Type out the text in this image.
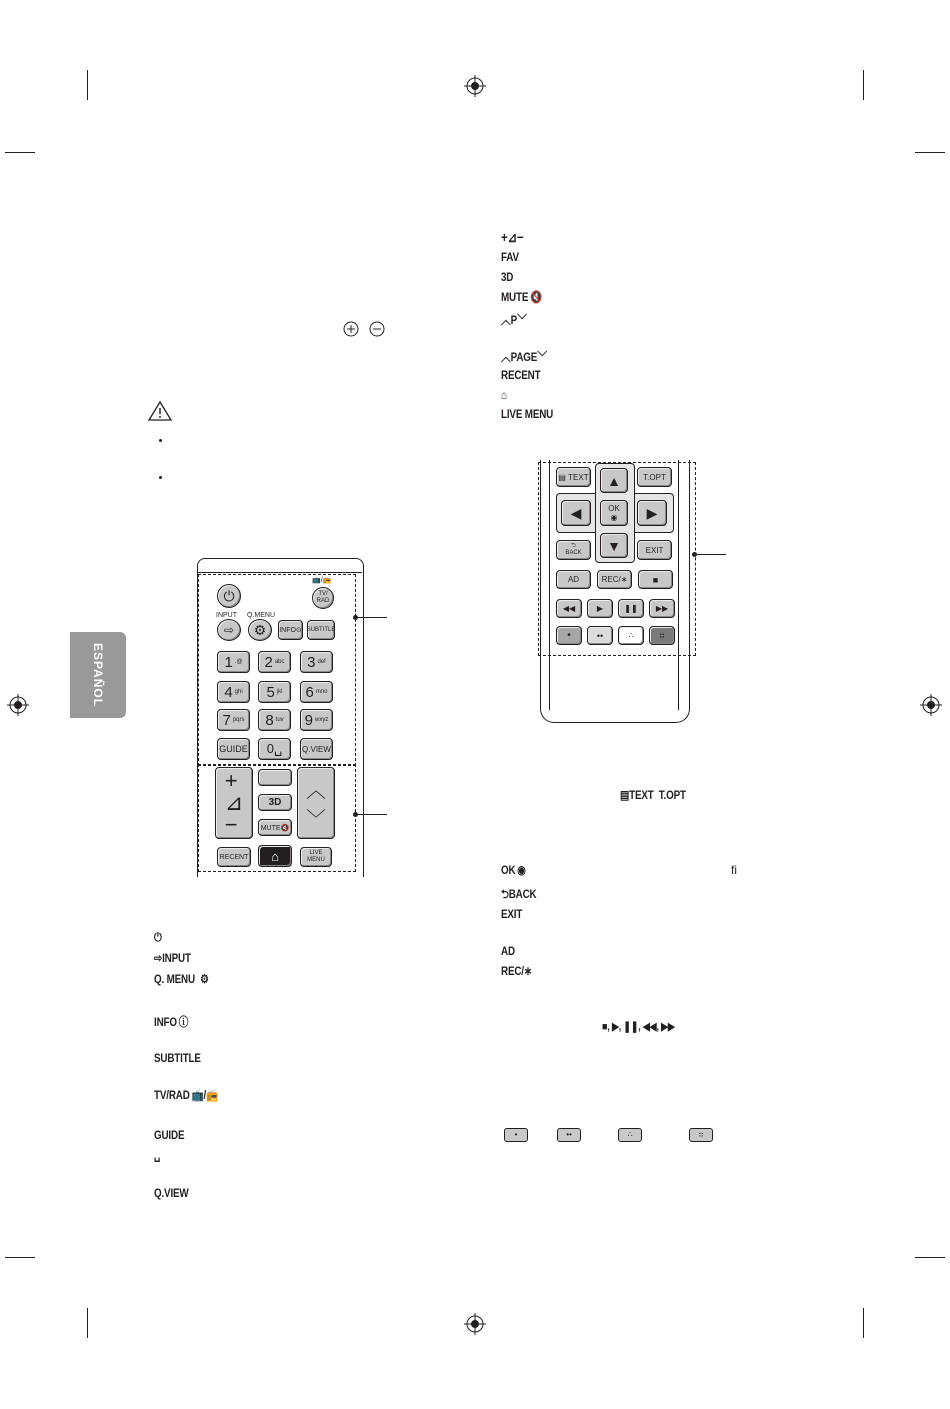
ESPAÑOL
⏻
📺/📻
TV/ RAD
INPUT Q.MENU
⇨	⚙	INFO⊙ SUBTITLE
1 .@ 2 abc 3 def
4 ghi 5 jkl 6 mno
7 pqrs 8 tuv 9 wxyz
GUIDE	0␣	Q.VIEW
+
⊿
−
3D
MUTE🔇
︿
﹀
RECENT	⌂	LIVE MENU
⏻
⇨INPUT
Q. MENU  ⚙
INFO ⓘ
SUBTITLE
TV/RAD 📺/📻
GUIDE
␣
Q.VIEW
+⊿−
FAV
3D
MUTE 🔇
︿P﹀
︿PAGE﹀
RECENT
⌂
LIVE MENU
▤ TEXT	T.OPT
▲
◀	OK
◉	▶
▼
⮌
BACK	EXIT
AD	REC/∗	■
◀◀	▶	❚❚	▶▶
•	••	∴	⠶
▤TEXT T.OPT
OK ◉
⮌BACK
EXIT
AD
REC/∗
ﬁ
■, ▶, ❚❚, ◀◀, ▶▶
•	••	∴	⠶
